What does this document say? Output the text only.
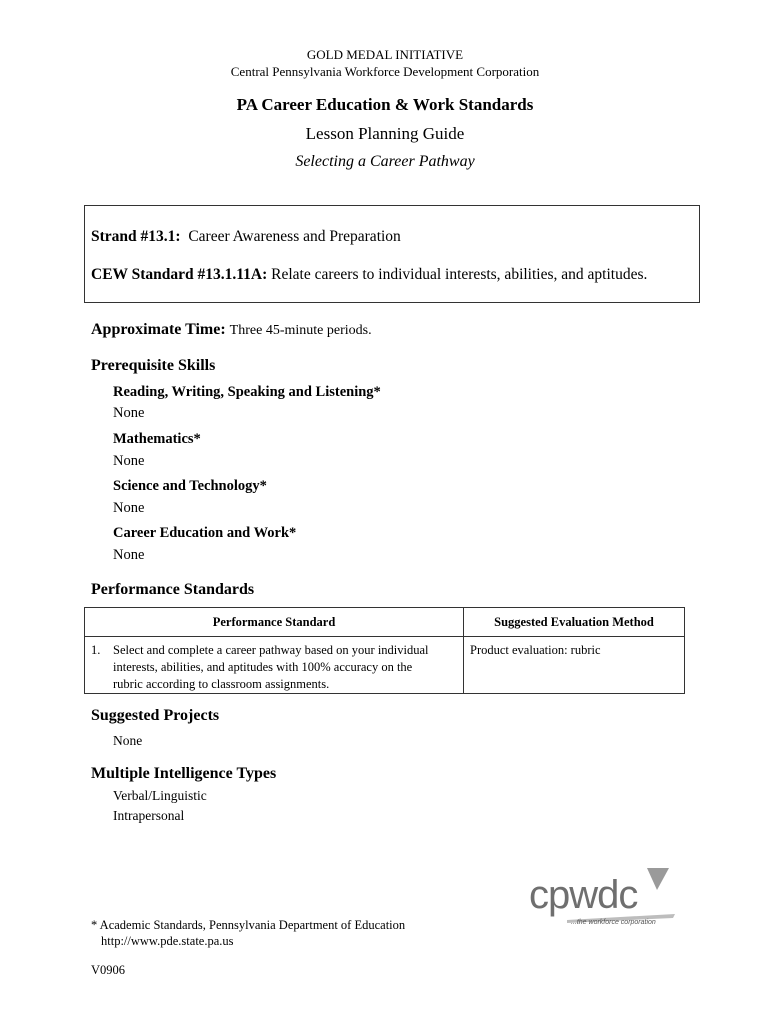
GOLD MEDAL INITIATIVE
Central Pennsylvania Workforce Development Corporation
PA Career Education & Work Standards
Lesson Planning Guide
Selecting a Career Pathway
Strand #13.1: Career Awareness and Preparation
CEW Standard #13.1.11A: Relate careers to individual interests, abilities, and aptitudes.
Approximate Time: Three 45-minute periods.
Prerequisite Skills
Reading, Writing, Speaking and Listening*
None
Mathematics*
None
Science and Technology*
None
Career Education and Work*
None
Performance Standards
Performance Standard	Suggested Evaluation Method
1. Select and complete a career pathway based on your individual interests, abilities, and aptitudes with 100% accuracy on the rubric according to classroom assignments.	Product evaluation: rubric
Suggested Projects
None
Multiple Intelligence Types
Verbal/Linguistic
Intrapersonal
cpwdc
...the workforce corporation
* Academic Standards, Pennsylvania Department of Education
http://www.pde.state.pa.us
V0906
